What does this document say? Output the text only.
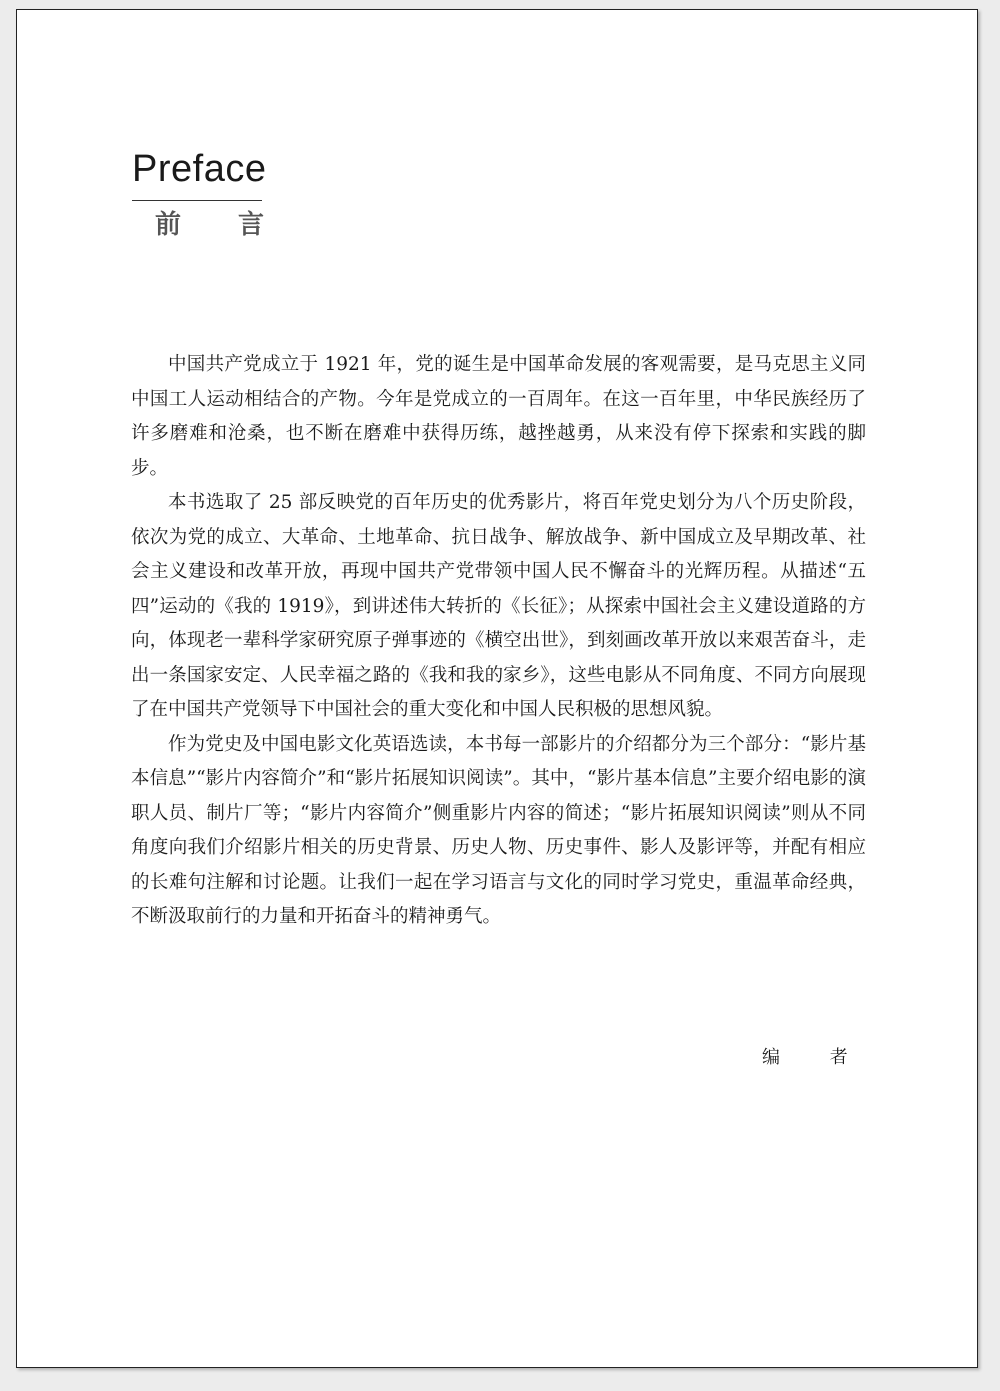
Preface
前 言

中国共产党成立于 1921 年，党的诞生是中国革命发展的客观需要，是马克思主义同中国工人运动相结合的产物。今年是党成立的一百周年。在这一百年里，中华民族经历了许多磨难和沧桑，也不断在磨难中获得历练，越挫越勇，从来没有停下探索和实践的脚步。

本书选取了 25 部反映党的百年历史的优秀影片，将百年党史划分为八个历史阶段，依次为党的成立、大革命、土地革命、抗日战争、解放战争、新中国成立及早期改革、社会主义建设和改革开放，再现中国共产党带领中国人民不懈奋斗的光辉历程。从描述“五四”运动的《我的 1919》，到讲述伟大转折的《长征》；从探索中国社会主义建设道路的方向，体现老一辈科学家研究原子弹事迹的《横空出世》，到刻画改革开放以来艰苦奋斗，走出一条国家安定、人民幸福之路的《我和我的家乡》，这些电影从不同角度、不同方向展现了在中国共产党领导下中国社会的重大变化和中国人民积极的思想风貌。

作为党史及中国电影文化英语选读，本书每一部影片的介绍都分为三个部分：“影片基本信息”“影片内容简介”和“影片拓展知识阅读”。其中，“影片基本信息”主要介绍电影的演职人员、制片厂等；“影片内容简介”侧重影片内容的简述；“影片拓展知识阅读”则从不同角度向我们介绍影片相关的历史背景、历史人物、历史事件、影人及影评等，并配有相应的长难句注解和讨论题。让我们一起在学习语言与文化的同时学习党史，重温革命经典，不断汲取前行的力量和开拓奋斗的精神勇气。

编 者
